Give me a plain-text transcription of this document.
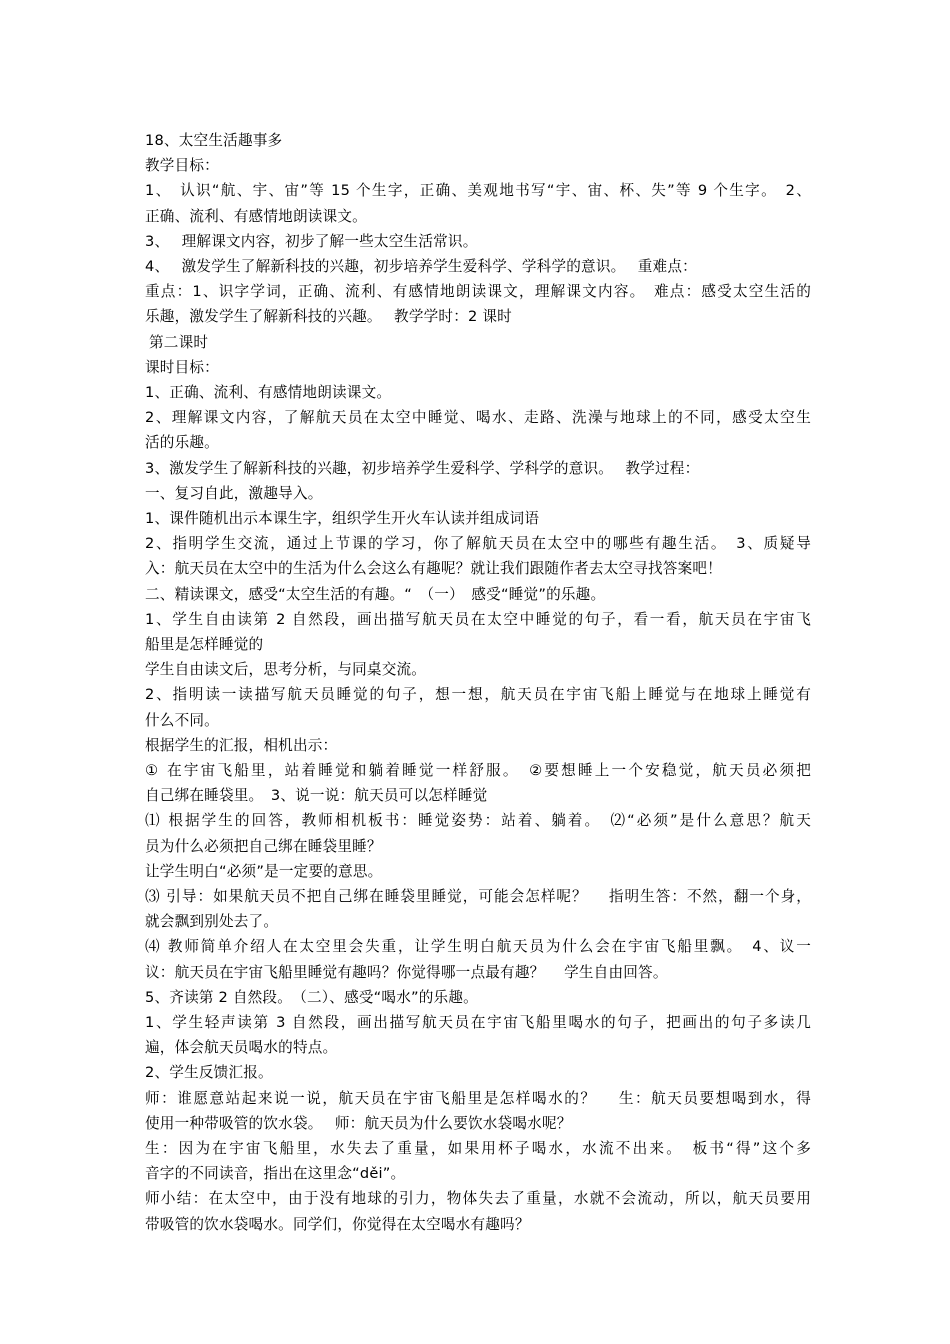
18、太空生活趣事多
教学目标：
1、　认识“航、宇、宙”等 15 个生字，正确、美观地书写“宇、宙、杯、失”等 9 个生字。　2、
正确、流利、有感情地朗读课文。
3、　 理解课文内容，初步了解一些太空生活常识。
4、　 激发学生了解新科技的兴趣，初步培养学生爱科学、学科学的意识。　 重难点：
重点：1、识字学词，正确、流利、有感情地朗读课文，理解课文内容。　难点：感受太空生活的
乐趣，激发学生了解新科技的兴趣。　 教学学时：2 课时
第二课时
课时目标：
1、正确、流利、有感情地朗读课文。
2、理解课文内容，了解航天员在太空中睡觉、喝水、走路、洗澡与地球上的不同，感受太空生
活的乐趣。
3、激发学生了解新科技的兴趣，初步培养学生爱科学、学科学的意识。　 教学过程：
一、复习自此，激趣导入。
1、课件随机出示本课生字，组织学生开火车认读并组成词语
2、指明学生交流，通过上节课的学习，你了解航天员在太空中的哪些有趣生活。　3、质疑导
入：航天员在太空中的生活为什么会这么有趣呢？就让我们跟随作者去太空寻找答案吧！
二、精读课文，感受“太空生活的有趣。“　（一）　感受“睡觉”的乐趣。
1、学生自由读第 2 自然段，画出描写航天员在太空中睡觉的句子，看一看，航天员在宇宙飞
船里是怎样睡觉的
学生自由读文后，思考分析，与同桌交流。
2、指明读一读描写航天员睡觉的句子，想一想，航天员在宇宙飞船上睡觉与在地球上睡觉有
什么不同。
根据学生的汇报，相机出示：
① 在宇宙飞船里，站着睡觉和躺着睡觉一样舒服。　②要想睡上一个安稳觉，航天员必须把
自己绑在睡袋里。　3、说一说：航天员可以怎样睡觉
⑴ 根据学生的回答，教师相机板书：睡觉姿势：站着、躺着。　⑵“必须”是什么意思？航天
员为什么必须把自己绑在睡袋里睡？
让学生明白“必须”是一定要的意思。
⑶ 引导：如果航天员不把自己绑在睡袋里睡觉，可能会怎样呢？　 指明生答：不然，翻一个身，
就会飘到别处去了。
⑷ 教师简单介绍人在太空里会失重，让学生明白航天员为什么会在宇宙飞船里飘。　4、议一
议：航天员在宇宙飞船里睡觉有趣吗？你觉得哪一点最有趣？　 学生自由回答。
5、齐读第 2 自然段。　（二）、感受“喝水”的乐趣。
1、学生轻声读第 3 自然段，画出描写航天员在宇宙飞船里喝水的句子，把画出的句子多读几
遍，体会航天员喝水的特点。
2、学生反馈汇报。
师：谁愿意站起来说一说，航天员在宇宙飞船里是怎样喝水的？　 生：航天员要想喝到水，得
使用一种带吸管的饮水袋。　 师：航天员为什么要饮水袋喝水呢？
生：因为在宇宙飞船里，水失去了重量，如果用杯子喝水，水流不出来。　板书“得”这个多
音字的不同读音，指出在这里念“děi”。
师小结：在太空中，由于没有地球的引力，物体失去了重量，水就不会流动，所以，航天员要用
带吸管的饮水袋喝水。同学们，你觉得在太空喝水有趣吗？
